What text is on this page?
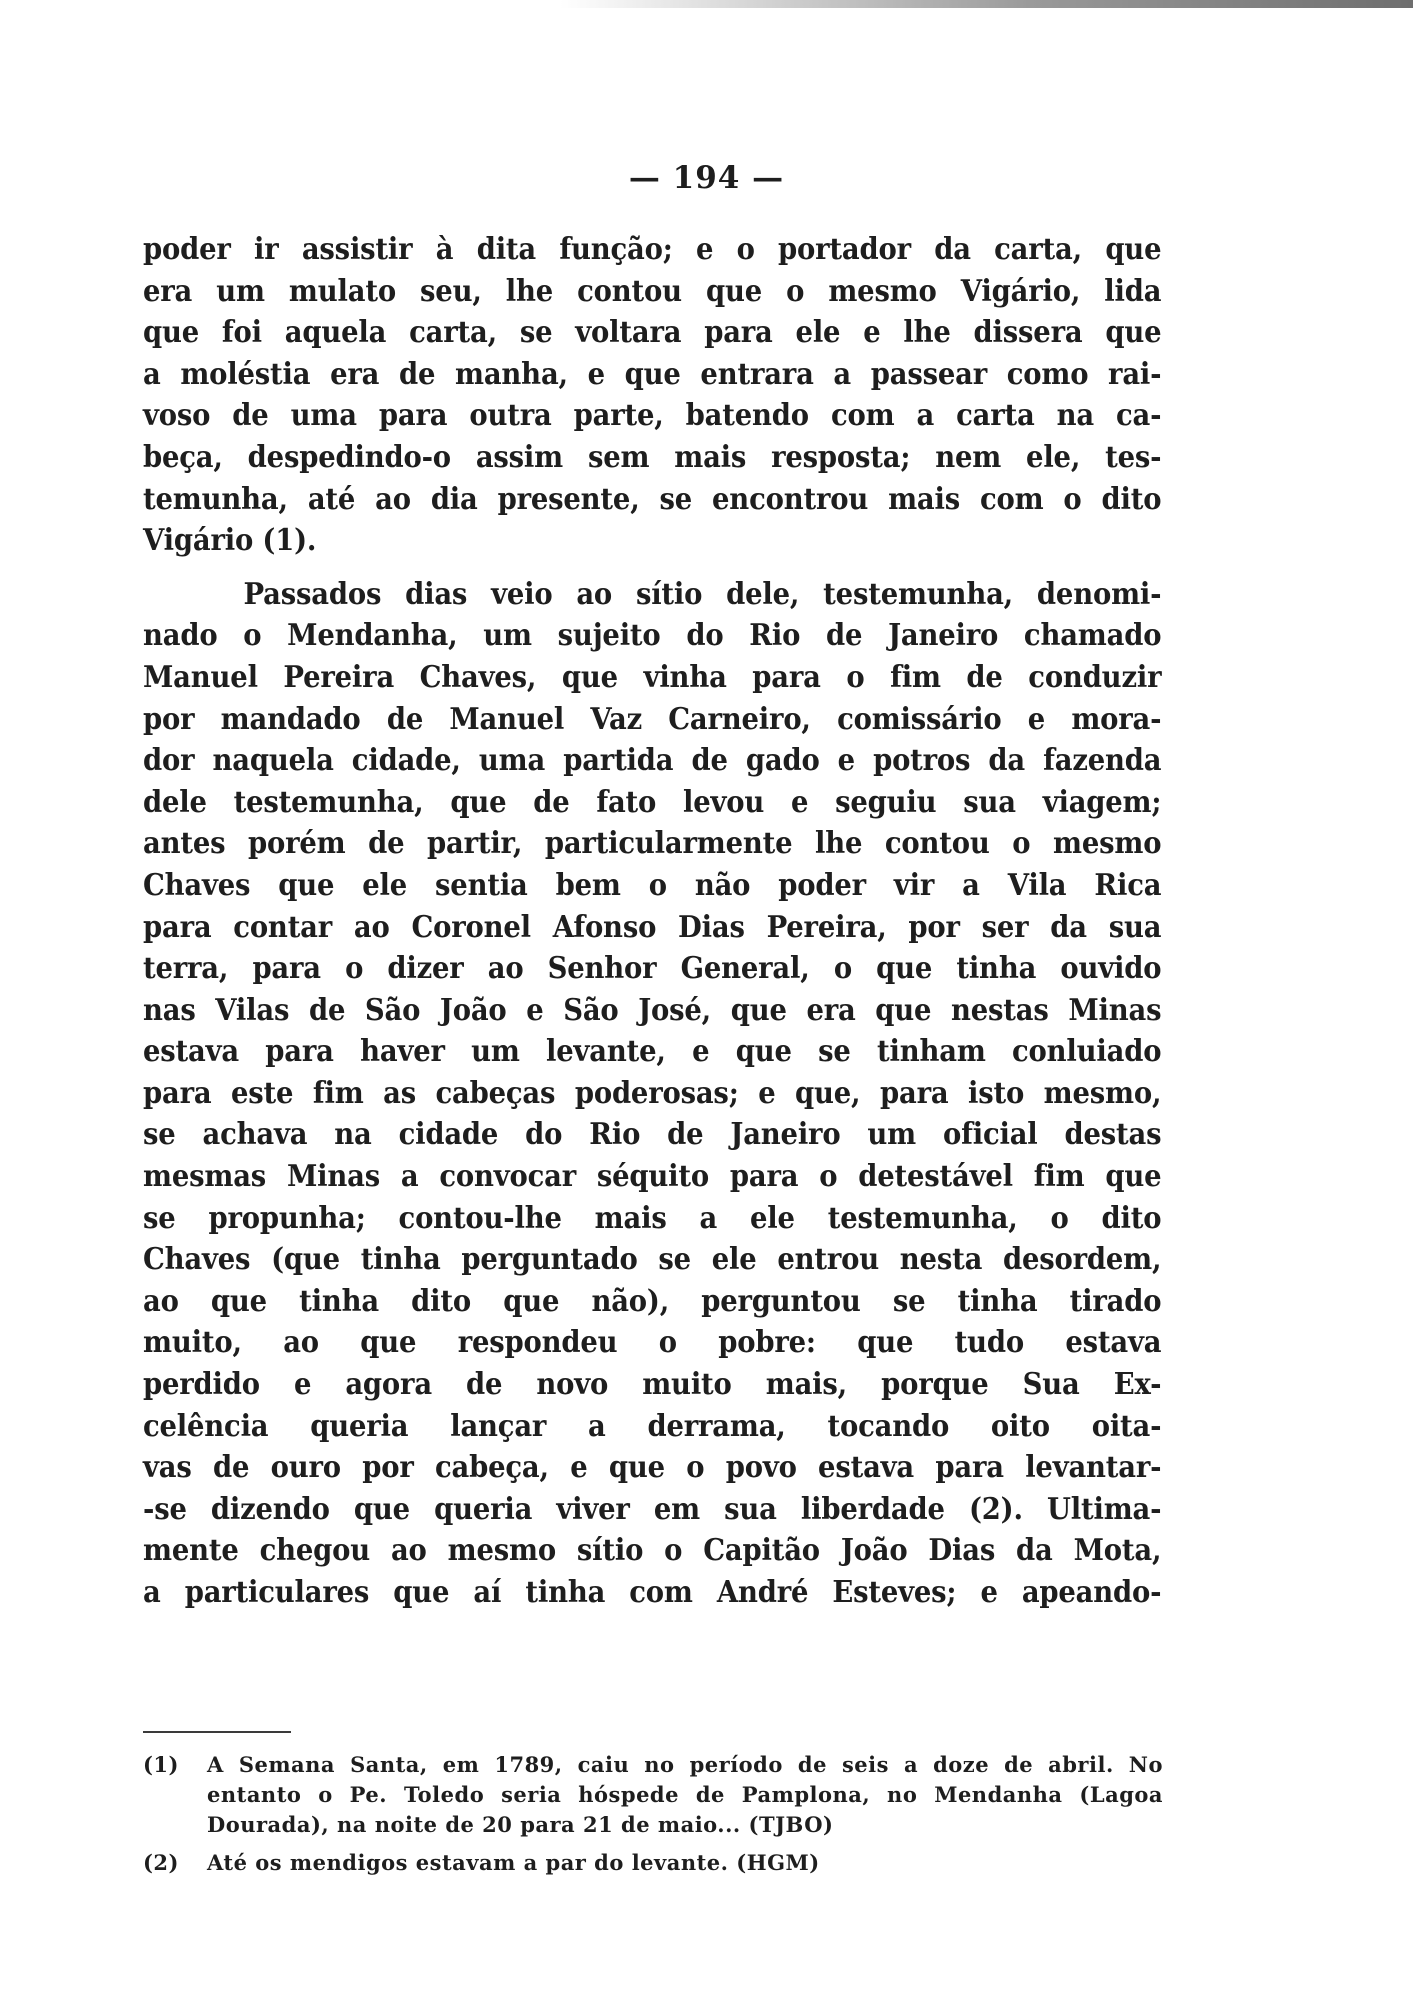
— 194 —

poder ir assistir à dita função; e o portador da carta, que
era um mulato seu, lhe contou que o mesmo Vigário, lida
que foi aquela carta, se voltara para ele e lhe dissera que
a moléstia era de manha, e que entrara a passear como rai-
voso de uma para outra parte, batendo com a carta na ca-
beça, despedindo-o assim sem mais resposta; nem ele, tes-
temunha, até ao dia presente, se encontrou mais com o dito
Vigário (1).

Passados dias veio ao sítio dele, testemunha, denomi-
nado o Mendanha, um sujeito do Rio de Janeiro chamado
Manuel Pereira Chaves, que vinha para o fim de conduzir
por mandado de Manuel Vaz Carneiro, comissário e mora-
dor naquela cidade, uma partida de gado e potros da fazenda
dele testemunha, que de fato levou e seguiu sua viagem;
antes porém de partir, particularmente lhe contou o mesmo
Chaves que ele sentia bem o não poder vir a Vila Rica
para contar ao Coronel Afonso Dias Pereira, por ser da sua
terra, para o dizer ao Senhor General, o que tinha ouvido
nas Vilas de São João e São José, que era que nestas Minas
estava para haver um levante, e que se tinham conluiado
para este fim as cabeças poderosas; e que, para isto mesmo,
se achava na cidade do Rio de Janeiro um oficial destas
mesmas Minas a convocar séquito para o detestável fim que
se propunha; contou-lhe mais a ele testemunha, o dito
Chaves (que tinha perguntado se ele entrou nesta desordem,
ao que tinha dito que não), perguntou se tinha tirado
muito, ao que respondeu o pobre: que tudo estava
perdido e agora de novo muito mais, porque Sua Ex-
celência queria lançar a derrama, tocando oito oita-
vas de ouro por cabeça, e que o povo estava para levantar-
-se dizendo que queria viver em sua liberdade (2). Ultima-
mente chegou ao mesmo sítio o Capitão João Dias da Mota,
a particulares que aí tinha com André Esteves; e apeando-

(1)	A Semana Santa, em 1789, caiu no período de seis a doze de abril. No
entanto o Pe. Toledo seria hóspede de Pamplona, no Mendanha (Lagoa
Dourada), na noite de 20 para 21 de maio... (TJBO)
(2)	Até os mendigos estavam a par do levante. (HGM)
